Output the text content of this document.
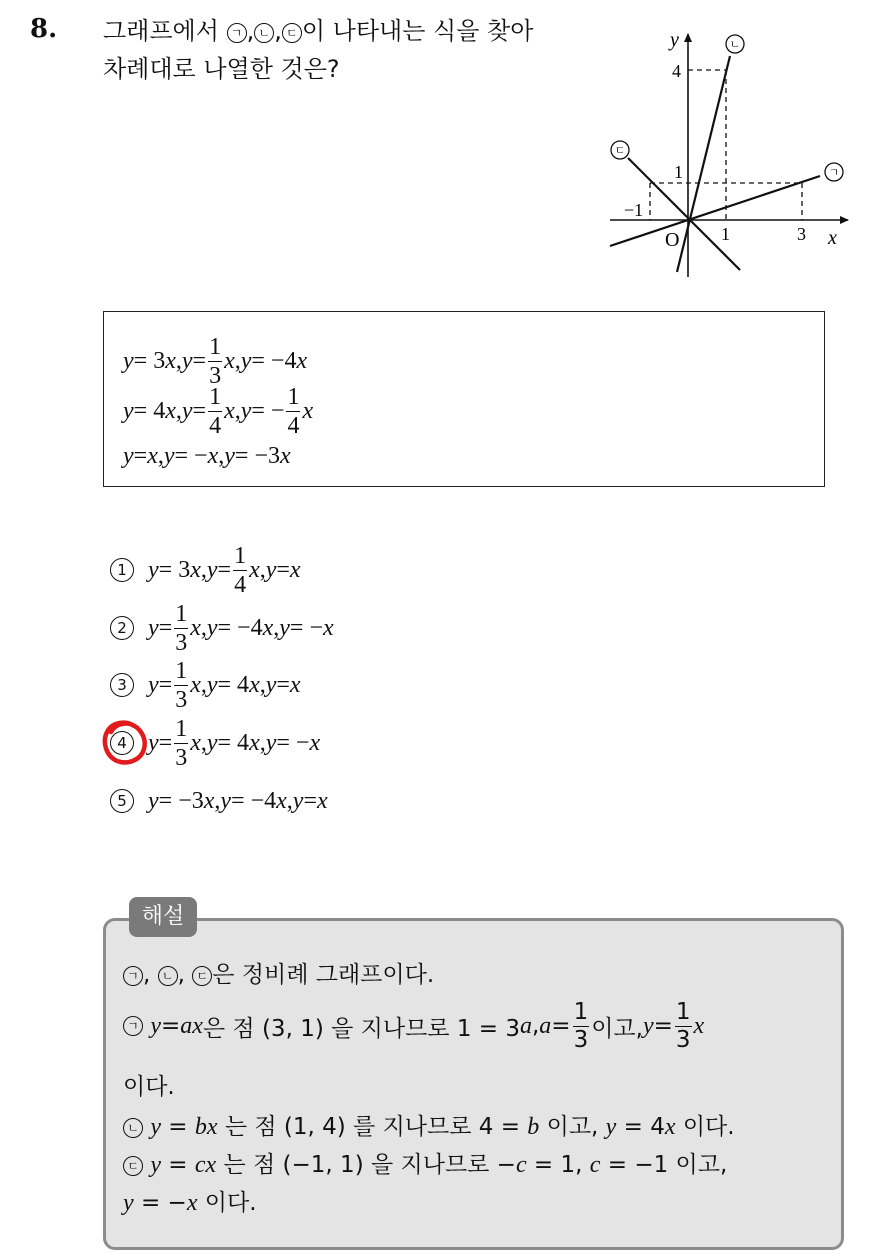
8. 그래프에서 ㄱ , ㄴ , ㄷ 이 나타내는 식을 찾아
차례대로 나열한 것은?
y
x
O 1	3
−1
1
4
ㄴ
ㄱ
ㄷ
y = 3 x , $y = \frac{1}{3}$ x , y = −4 x
y = 4 x , $y = \frac{1}{4}$ x , y = − $\frac{1}{4}$ x
y = x , y = − x , y = −3 x
1 y = 3 x , $y = \frac{1}{4}$ x , y = x
2 $y = \frac{1}{3}$ x , y = −4 x , y = − x
3 $y = \frac{1}{3}$ x , y = 4 x , y = x
4 $y = \frac{1}{3}$ x , y = 4 x , y = − x
5 y = −3 x , y = −4 x , y = x
해설
ㄱ , ㄴ , ㄷ 은 정비례 그래프이다.
ㄱ
y = ax 은 점 (3, 1) 을 지나므로 1 = 3 a , $a = \frac{1}{3}$ 이고, $y = \frac{1}{3}$ x
이다.
ㄴ y = bx 는 점 (1, 4) 를 지나므로 4 = b 이고, y = 4x 이다.
ㄷ y = cx 는 점 (−1, 1) 을 지나므로 −c = 1, c = −1 이고,
y = −x 이다.
